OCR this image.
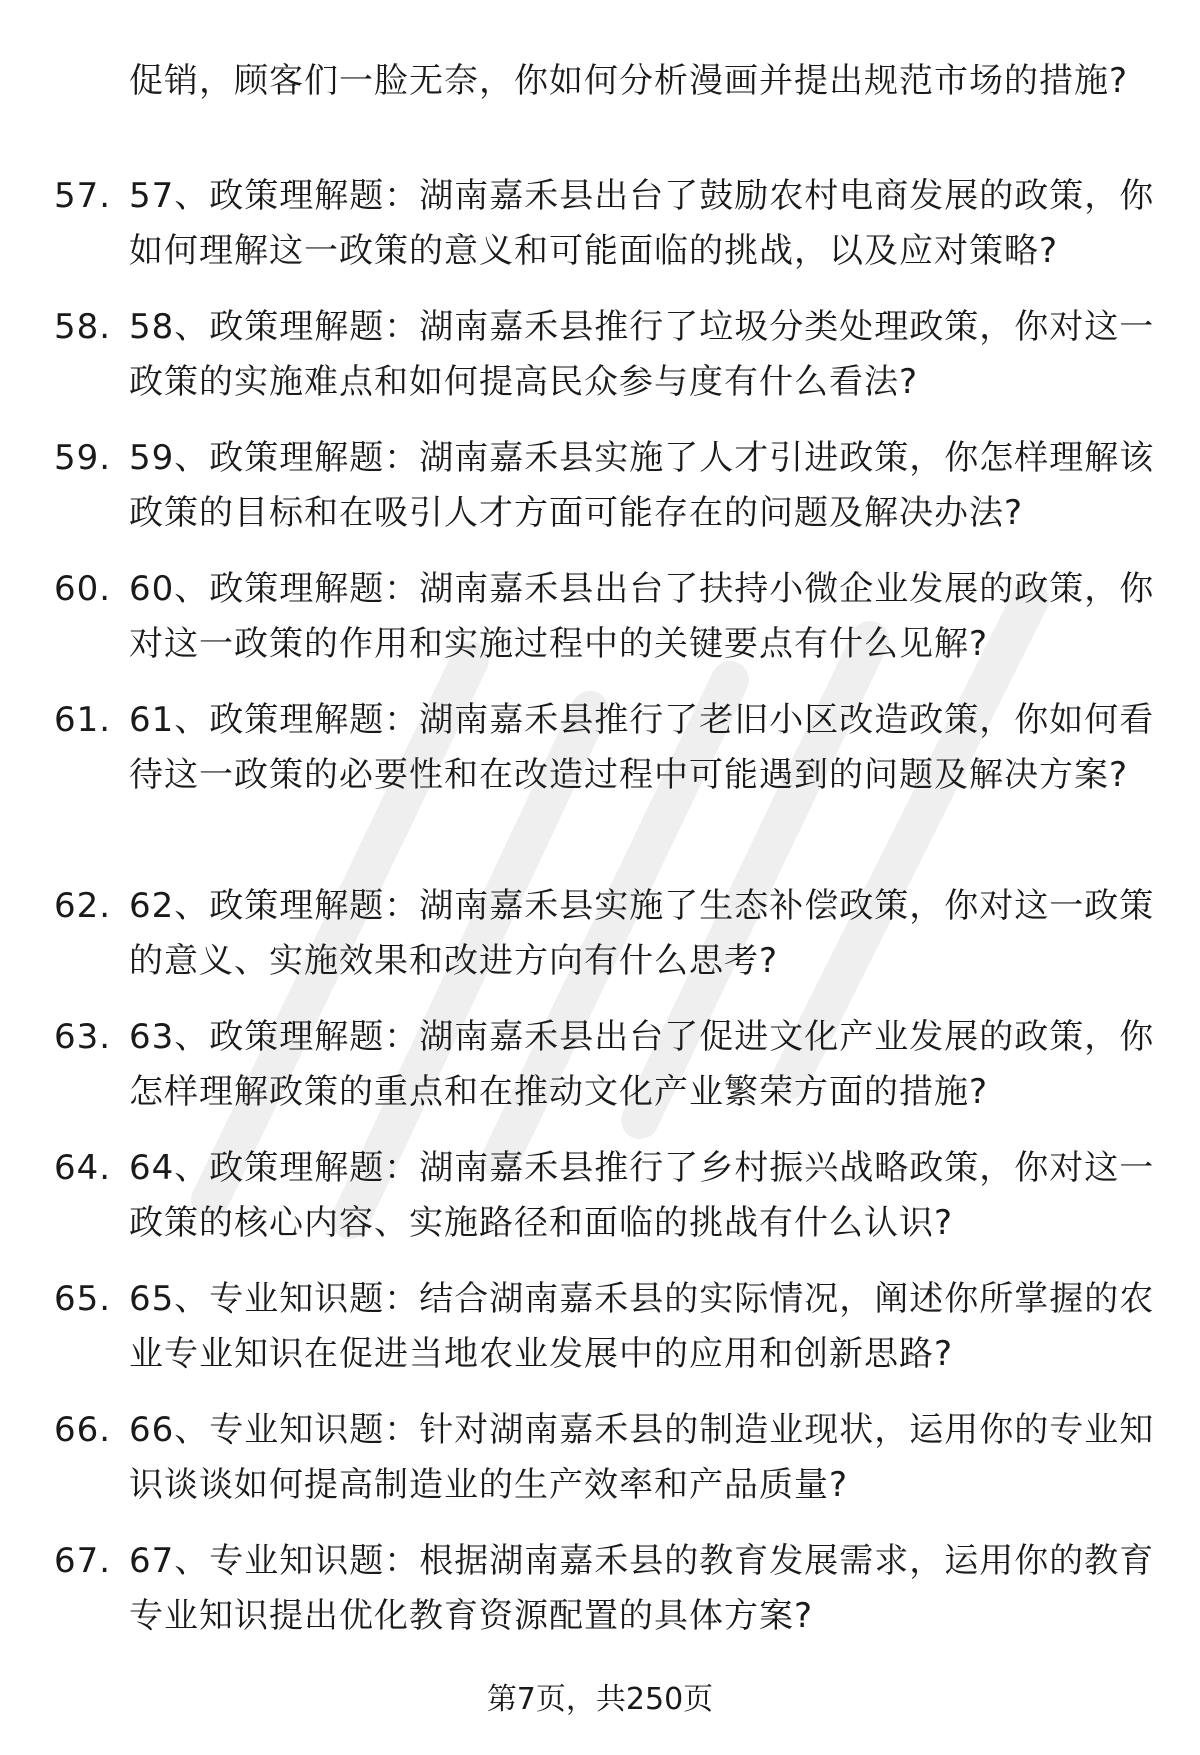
促销，顾客们一脸无奈，你如何分析漫画并提出规范市场的措施?
57. 57、政策理解题：湖南嘉禾县出台了鼓励农村电商发展的政策，你如何理解这一政策的意义和可能面临的挑战，以及应对策略?
58. 58、政策理解题：湖南嘉禾县推行了垃圾分类处理政策，你对这一政策的实施难点和如何提高民众参与度有什么看法?
59. 59、政策理解题：湖南嘉禾县实施了人才引进政策，你怎样理解该政策的目标和在吸引人才方面可能存在的问题及解决办法?
60. 60、政策理解题：湖南嘉禾县出台了扶持小微企业发展的政策，你对这一政策的作用和实施过程中的关键要点有什么见解?
61. 61、政策理解题：湖南嘉禾县推行了老旧小区改造政策，你如何看待这一政策的必要性和在改造过程中可能遇到的问题及解决方案?
62. 62、政策理解题：湖南嘉禾县实施了生态补偿政策，你对这一政策的意义、实施效果和改进方向有什么思考?
63. 63、政策理解题：湖南嘉禾县出台了促进文化产业发展的政策，你怎样理解政策的重点和在推动文化产业繁荣方面的措施?
64. 64、政策理解题：湖南嘉禾县推行了乡村振兴战略政策，你对这一政策的核心内容、实施路径和面临的挑战有什么认识?
65. 65、专业知识题：结合湖南嘉禾县的实际情况，阐述你所掌握的农业专业知识在促进当地农业发展中的应用和创新思路?
66. 66、专业知识题：针对湖南嘉禾县的制造业现状，运用你的专业知识谈谈如何提高制造业的生产效率和产品质量?
67. 67、专业知识题：根据湖南嘉禾县的教育发展需求，运用你的教育专业知识提出优化教育资源配置的具体方案?
第7页，共250页
